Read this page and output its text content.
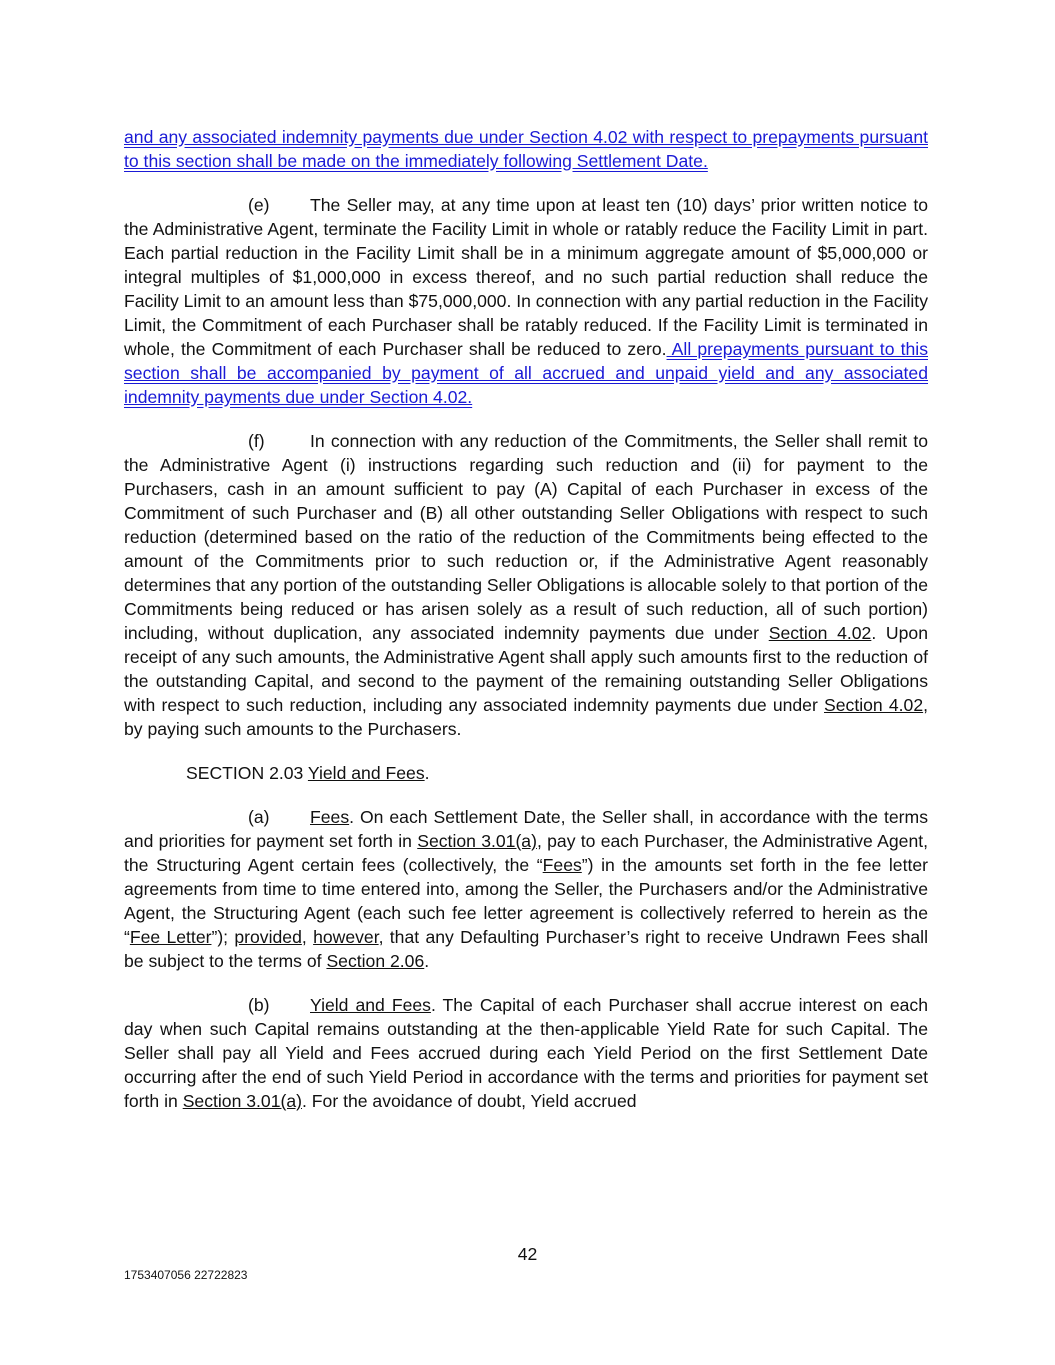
and any associated indemnity payments due under Section 4.02 with respect to prepayments pursuant to this section shall be made on the immediately following Settlement Date.

(e) The Seller may, at any time upon at least ten (10) days’ prior written notice to the Administrative Agent, terminate the Facility Limit in whole or ratably reduce the Facility Limit in part. Each partial reduction in the Facility Limit shall be in a minimum aggregate amount of $5,000,000 or integral multiples of $1,000,000 in excess thereof, and no such partial reduction shall reduce the Facility Limit to an amount less than $75,000,000. In connection with any partial reduction in the Facility Limit, the Commitment of each Purchaser shall be ratably reduced. If the Facility Limit is terminated in whole, the Commitment of each Purchaser shall be reduced to zero. All prepayments pursuant to this section shall be accompanied by payment of all accrued and unpaid yield and any associated indemnity payments due under Section 4.02.

(f)	In connection with any reduction of the Commitments, the Seller shall remit to the Administrative Agent (i) instructions regarding such reduction and (ii) for payment to the Purchasers, cash in an amount sufficient to pay (A) Capital of each Purchaser in excess of the Commitment of such Purchaser and (B) all other outstanding Seller Obligations with respect to such reduction (determined based on the ratio of the reduction of the Commitments being effected to the amount of the Commitments prior to such reduction or, if the Administrative Agent reasonably determines that any portion of the outstanding Seller Obligations is allocable solely to that portion of the Commitments being reduced or has arisen solely as a result of such reduction, all of such portion) including, without duplication, any associated indemnity payments due under Section 4.02. Upon receipt of any such amounts, the Administrative Agent shall apply such amounts first to the reduction of the outstanding Capital, and second to the payment of the remaining outstanding Seller Obligations with respect to such reduction, including any associated indemnity payments due under Section 4.02, by paying such amounts to the Purchasers.

SECTION 2.03 Yield and Fees.

(a) Fees. On each Settlement Date, the Seller shall, in accordance with the terms and priorities for payment set forth in Section 3.01(a), pay to each Purchaser, the Administrative Agent, the Structuring Agent certain fees (collectively, the “Fees”) in the amounts set forth in the fee letter agreements from time to time entered into, among the Seller, the Purchasers and/or the Administrative Agent, the Structuring Agent (each such fee letter agreement is collectively referred to herein as the “Fee Letter”); provided, however, that any Defaulting Purchaser’s right to receive Undrawn Fees shall be subject to the terms of Section 2.06.

(b) Yield and Fees. The Capital of each Purchaser shall accrue interest on each day when such Capital remains outstanding at the then-applicable Yield Rate for such Capital. The Seller shall pay all Yield and Fees accrued during each Yield Period on the first Settlement Date occurring after the end of such Yield Period in accordance with the terms and priorities for payment set forth in Section 3.01(a). For the avoidance of doubt, Yield accrued

42
1753407056 22722823
